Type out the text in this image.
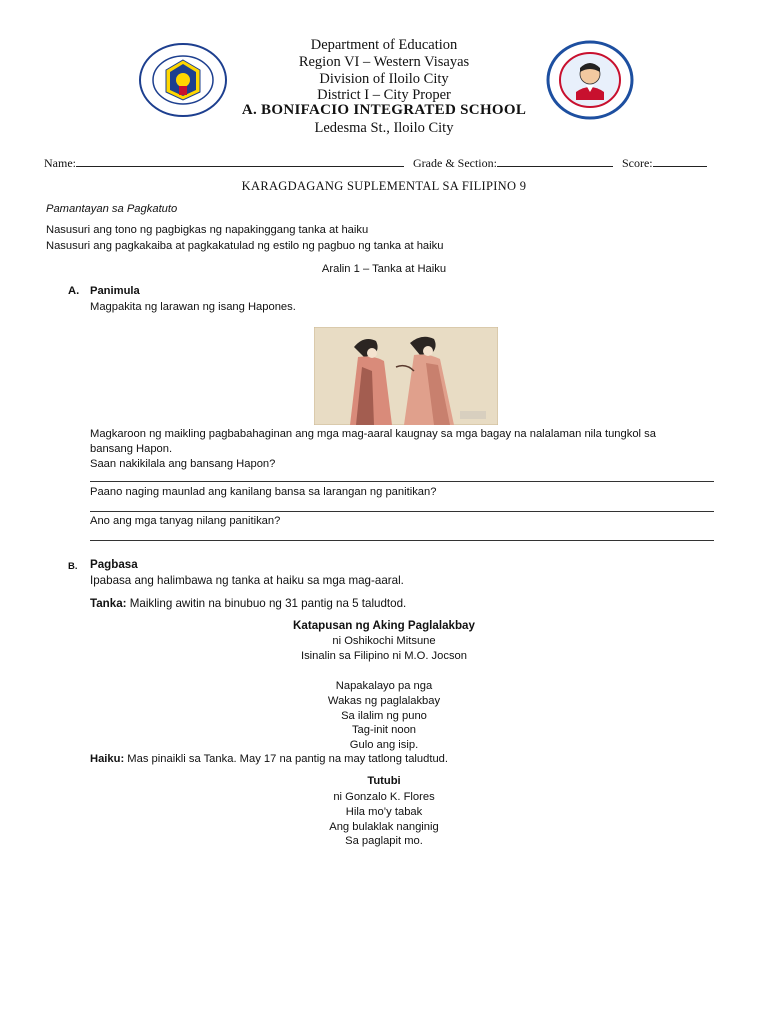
Department of Education
Region VI – Western Visayas
Division of Iloilo City
District I – City Proper
A. BONIFACIO INTEGRATED SCHOOL
Ledesma St., Iloilo City
Name:	Grade & Section:	Score:
KARAGDAGANG SUPLEMENTAL SA FILIPINO 9
Pamantayan sa Pagkatuto
Nasusuri ang tono ng pagbigkas ng napakinggang tanka at haiku
Nasusuri ang pagkakaiba at pagkakatulad ng estilo ng pagbuo ng tanka at haiku
Aralin 1 – Tanka at Haiku
A. Panimula
Magpakita ng larawan ng isang Hapones.
Magkaroon ng maikling pagbabahaginan ang mga mag-aaral kaugnay sa mga bagay na nalalaman nila tungkol sa
bansang Hapon.
Saan nakikilala ang bansang Hapon?
Paano naging maunlad ang kanilang bansa sa larangan ng panitikan?
Ano ang mga tanyag nilang panitikan?
B. Pagbasa
Ipabasa ang halimbawa ng tanka at haiku sa mga mag-aaral.
Tanka: Maikling awitin na binubuo ng 31 pantig na 5 taludtod.
Katapusan ng Aking Paglalakbay
ni Oshikochi Mitsune
Isinalin sa Filipino ni M.O. Jocson
Napakalayo pa nga
Wakas ng paglalakbay
Sa ilalim ng puno
Tag-init noon
Gulo ang isip.
Haiku: Mas pinaikli sa Tanka. May 17 na pantig na may tatlong taludtud.
Tutubi
ni Gonzalo K. Flores
Hila mo’y tabak
Ang bulaklak nanginig
Sa paglapit mo.
